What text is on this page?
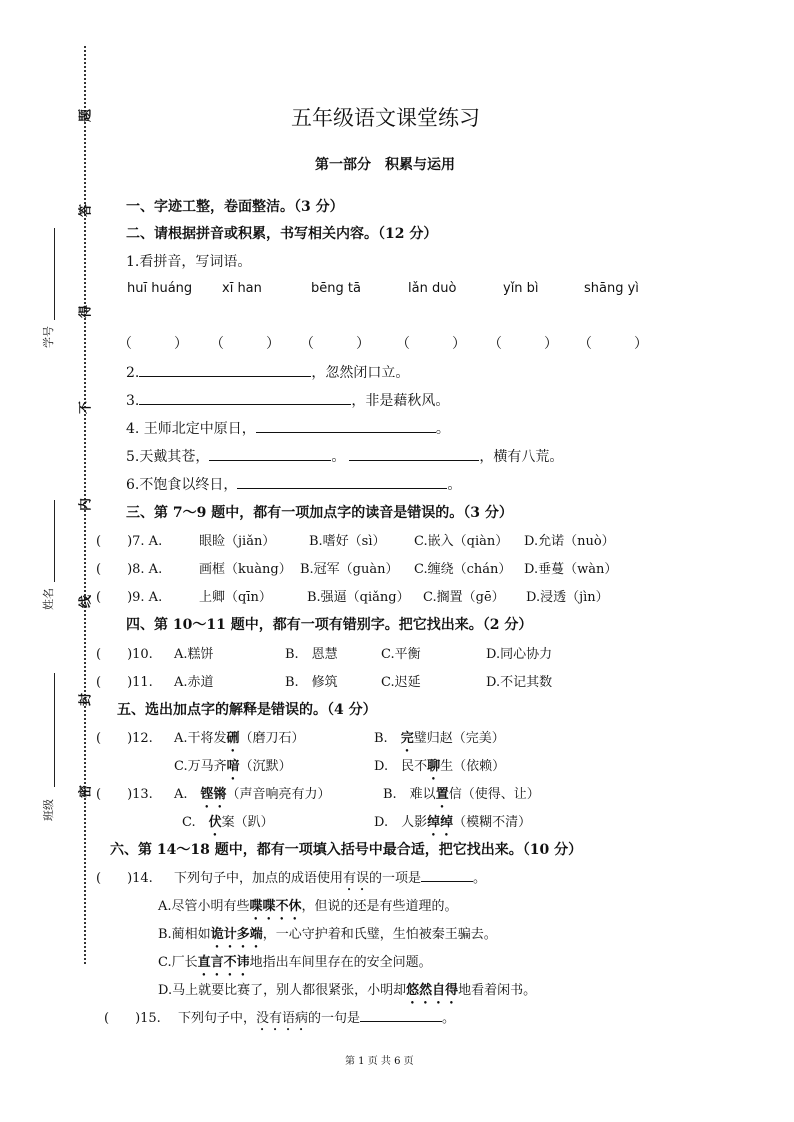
题
答
得
不
内
线
封
密
学号
姓名
班级
五年级语文课堂练习
第一部分　积累与运用
一、字迹工整，卷面整洁。（3 分）
二、请根据拼音或积累，书写相关内容。（12 分）
1.看拼音，写词语。
huī huáng xī han	bēng tā	lǎn duò	yǐn bì	shāng yì
（　　　） （　　　） （　　　） （　　　） （　　　） （　　　）
2.	，忽然闭口立。
3.	，非是藉秋风。
4. 王师北定中原日，	。
5.天戴其苍，	。	，横有八荒。
6.不饱食以终日，	。
三、第 7～9 题中，都有一项加点字的读音是错误的。（3 分）
(　　)7. A.	眼睑（jiǎn）	B.嗜好（sì） C.嵌入（qiàn） D.允诺（nuò）
(　　)8. A.	画框（kuàng） B.冠军（guàn） C.缠绕（chán） D.垂蔓（wàn）
(　　)9. A.	上卿（qīn）	B.强逼（qiǎng） C.搁置（gē） D.浸透（jìn）
四、第 10～11 题中，都有一项有错别字。把它找出来。（2 分）
(　　)10. A.糕饼	B.　恩慧	C.平衡	D.同心协力
(　　)11. A.赤道	B.　修筑	C.迟延	D.不记其数
五、选出加点字的解释是错误的。（4 分）
(　　)12. A.干将发硎（磨刀石）	B.　完璧归赵（完美）
C.万马齐喑（沉默）	D.　民不聊生（依赖）
(　　)13. A.　铿锵（声音响亮有力）	B.　难以置信（使得、让）
C.　伏案（趴）	D.　人影绰绰（模糊不清）
六、第 14～18 题中，都有一项填入括号中最合适，把它找出来。（10 分）
(　　)14. 下列句子中，加点的成语使用有误的一项是	。
A.尽管小明有些喋喋不休，但说的还是有些道理的。
B.蔺相如诡计多端，一心守护着和氏璧，生怕被秦王骗去。
C.厂长直言不讳地指出车间里存在的安全问题。
D.马上就要比赛了，别人都很紧张，小明却悠然自得地看着闲书。
(　　)15. 下列句子中，没有语病的一句是	。
第 1 页 共 6 页
